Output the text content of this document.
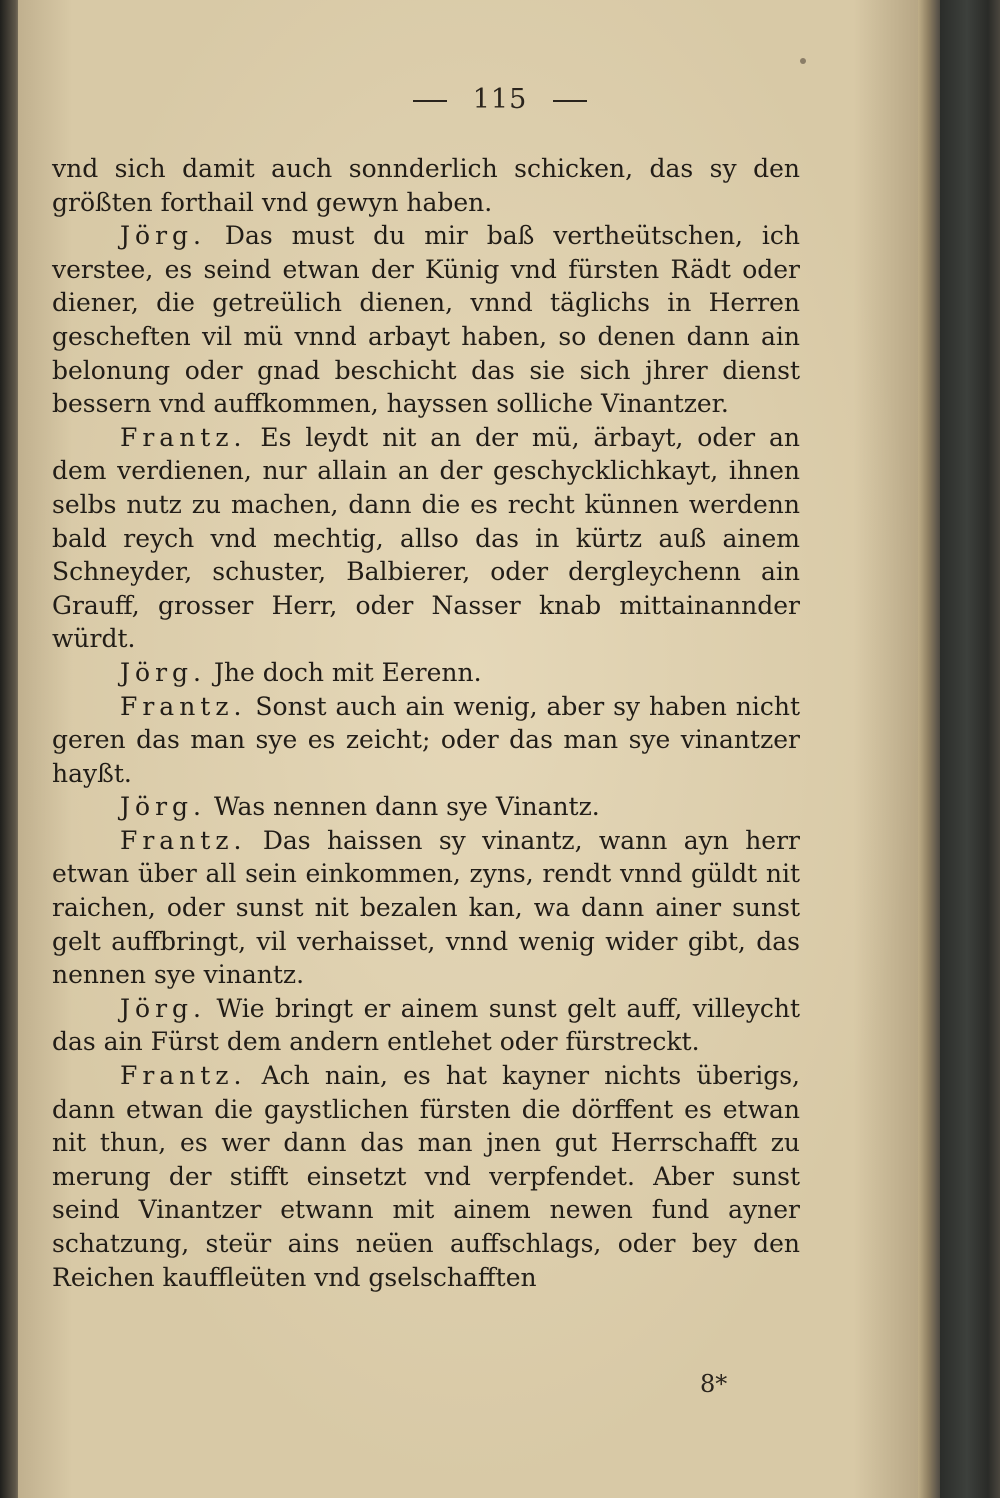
115

vnd sich damit auch sonnderlich schicken, das sy den größten forthail vnd gewyn haben.

Jörg. Das must du mir baß vertheütschen, ich verstee, es seind etwan der Künig vnd fürsten Rädt oder diener, die getreülich dienen, vnnd täglichs in Herren gescheften vil mü vnnd arbayt haben, so denen dann ain belonung oder gnad beschicht das sie sich jhrer dienst bessern vnd auffkommen, hayssen solliche Vinantzer.

Frantz. Es leydt nit an der mü, ärbayt, oder an dem verdienen, nur allain an der geschycklichkayt, ihnen selbs nutz zu machen, dann die es recht künnen werdenn bald reych vnd mechtig, allso das in kürtz auß ainem Schneyder, schuster, Balbierer, oder dergleychenn ain Grauff, grosser Herr, oder Nasser knab mittainannder würdt.

Jörg. Jhe doch mit Eerenn.

Frantz. Sonst auch ain wenig, aber sy haben nicht geren das man sye es zeicht; oder das man sye vinantzer hayßt.

Jörg. Was nennen dann sye Vinantz.

Frantz. Das haissen sy vinantz, wann ayn herr etwan über all sein einkommen, zyns, rendt vnnd güldt nit raichen, oder sunst nit bezalen kan, wa dann ainer sunst gelt auffbringt, vil verhaisset, vnnd wenig wider gibt, das nennen sye vinantz.

Jörg. Wie bringt er ainem sunst gelt auff, villeycht das ain Fürst dem andern entlehet oder fürstreckt.

Frantz. Ach nain, es hat kayner nichts überigs, dann etwan die gaystlichen fürsten die dörffent es etwan nit thun, es wer dann das man jnen gut Herrschafft zu merung der stifft einsetzt vnd verpfendet. Aber sunst seind Vinantzer etwann mit ainem newen fund ayner schatzung, steür ains neüen auffschlags, oder bey den Reichen kauffleüten vnd gselschafften

8*
